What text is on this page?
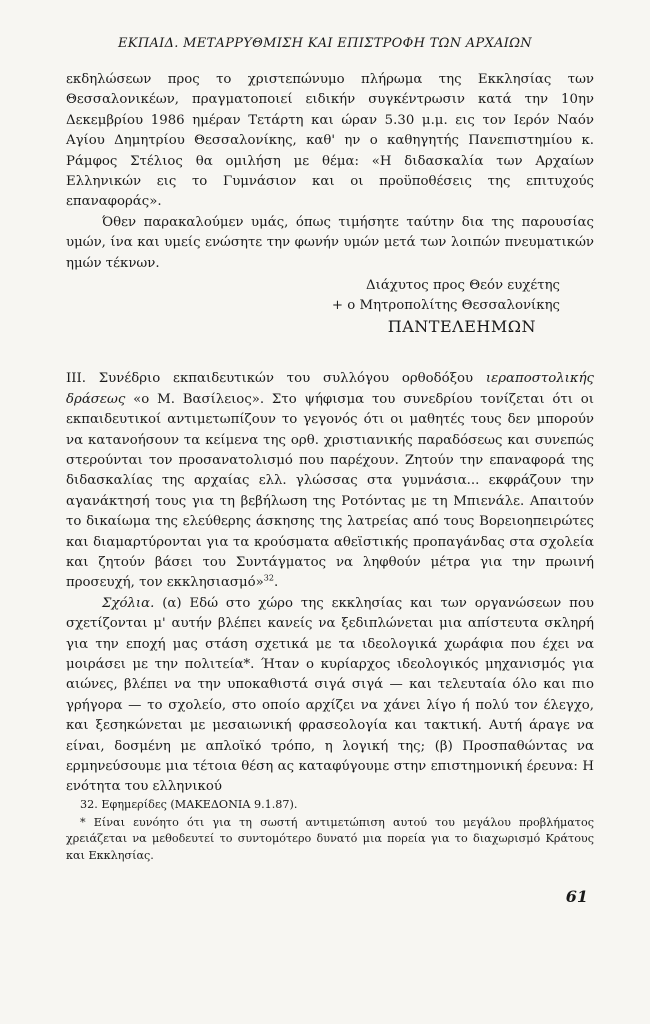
ΕΚΠΑΙΔ. ΜΕΤΑΡΡΥΘΜΙΣΗ ΚΑΙ ΕΠΙΣΤΡΟΦΗ ΤΩΝ ΑΡΧΑΙΩΝ

εκδηλώσεων προς το χριστεπώνυμο πλήρωμα της Εκκλησίας των Θεσσαλονικέων, πραγματοποιεί ειδικήν συγκέντρωσιν κατά την 10ην Δεκεμβρίου 1986 ημέραν Τετάρτη και ώραν 5.30 μ.μ. εις τον Ιερόν Ναόν Αγίου Δημητρίου Θεσσαλονίκης, καθ' ην ο καθηγητής Πανεπιστημίου κ. Ράμφος Στέλιος θα ομιλήση με θέμα: «Η διδασκαλία των Αρχαίων Ελληνικών εις το Γυμνάσιον και οι προϋποθέσεις της επιτυχούς επαναφοράς».

Όθεν παρακαλούμεν υμάς, όπως τιμήσητε ταύτην δια της παρουσίας υμών, ίνα και υμείς ενώσητε την φωνήν υμών μετά των λοιπών πνευματικών ημών τέκνων.

Διάχυτος προς Θεόν ευχέτης
+ ο Μητροπολίτης Θεσσαλονίκης
ΠΑΝΤΕΛΕΗΜΩΝ

III. Συνέδριο εκπαιδευτικών του συλλόγου ορθοδόξου ιεραποστολικής δράσεως «ο Μ. Βασίλειος». Στο ψήφισμα του συνεδρίου τονίζεται ότι οι εκπαιδευτικοί αντιμετωπίζουν το γεγονός ότι οι μαθητές τους δεν μπορούν να κατανοήσουν τα κείμενα της ορθ. χριστιανικής παραδόσεως και συνεπώς στερούνται τον προσανατολισμό που παρέχουν. Ζητούν την επαναφορά της διδασκαλίας της αρχαίας ελλ. γλώσσας στα γυμνάσια... εκφράζουν την αγανάκτησή τους για τη βεβήλωση της Ροτόντας με τη Μπιενάλε. Απαιτούν το δικαίωμα της ελεύθερης άσκησης της λατρείας από τους Βορειοηπειρώτες και διαμαρτύρονται για τα κρούσματα αθεϊστικής προπαγάνδας στα σχολεία και ζητούν βάσει του Συντάγματος να ληφθούν μέτρα για την πρωινή προσευχή, τον εκκλησιασμό»$^{32}$.

Σχόλια. (α) Εδώ στο χώρο της εκκλησίας και των οργανώσεων που σχετίζονται μ' αυτήν βλέπει κανείς να ξεδιπλώνεται μια απίστευτα σκληρή για την εποχή μας στάση σχετικά με τα ιδεολογικά χωράφια που έχει να μοιράσει με την πολιτεία*. Ήταν ο κυρίαρχος ιδεολογικός μηχανισμός για αιώνες, βλέπει να την υποκαθιστά σιγά σιγά — και τελευταία όλο και πιο γρήγορα — το σχολείο, στο οποίο αρχίζει να χάνει λίγο ή πολύ τον έλεγχο, και ξεσηκώνεται με μεσαιωνική φρασεολογία και τακτική. Αυτή άραγε να είναι, δοσμένη με απλοϊκό τρόπο, η λογική της; (β) Προσπαθώντας να ερμηνεύσουμε μια τέτοια θέση ας καταφύγουμε στην επιστημονική έρευνα: Η ενότητα του ελληνικού

32. Εφημερίδες (ΜΑΚΕΔΟΝΙΑ 9.1.87).

* Είναι ευνόητο ότι για τη σωστή αντιμετώπιση αυτού του μεγάλου προβλήματος χρειάζεται να μεθοδευτεί το συντομότερο δυνατό μια πορεία για το διαχωρισμό Κράτους και Εκκλησίας.

61
